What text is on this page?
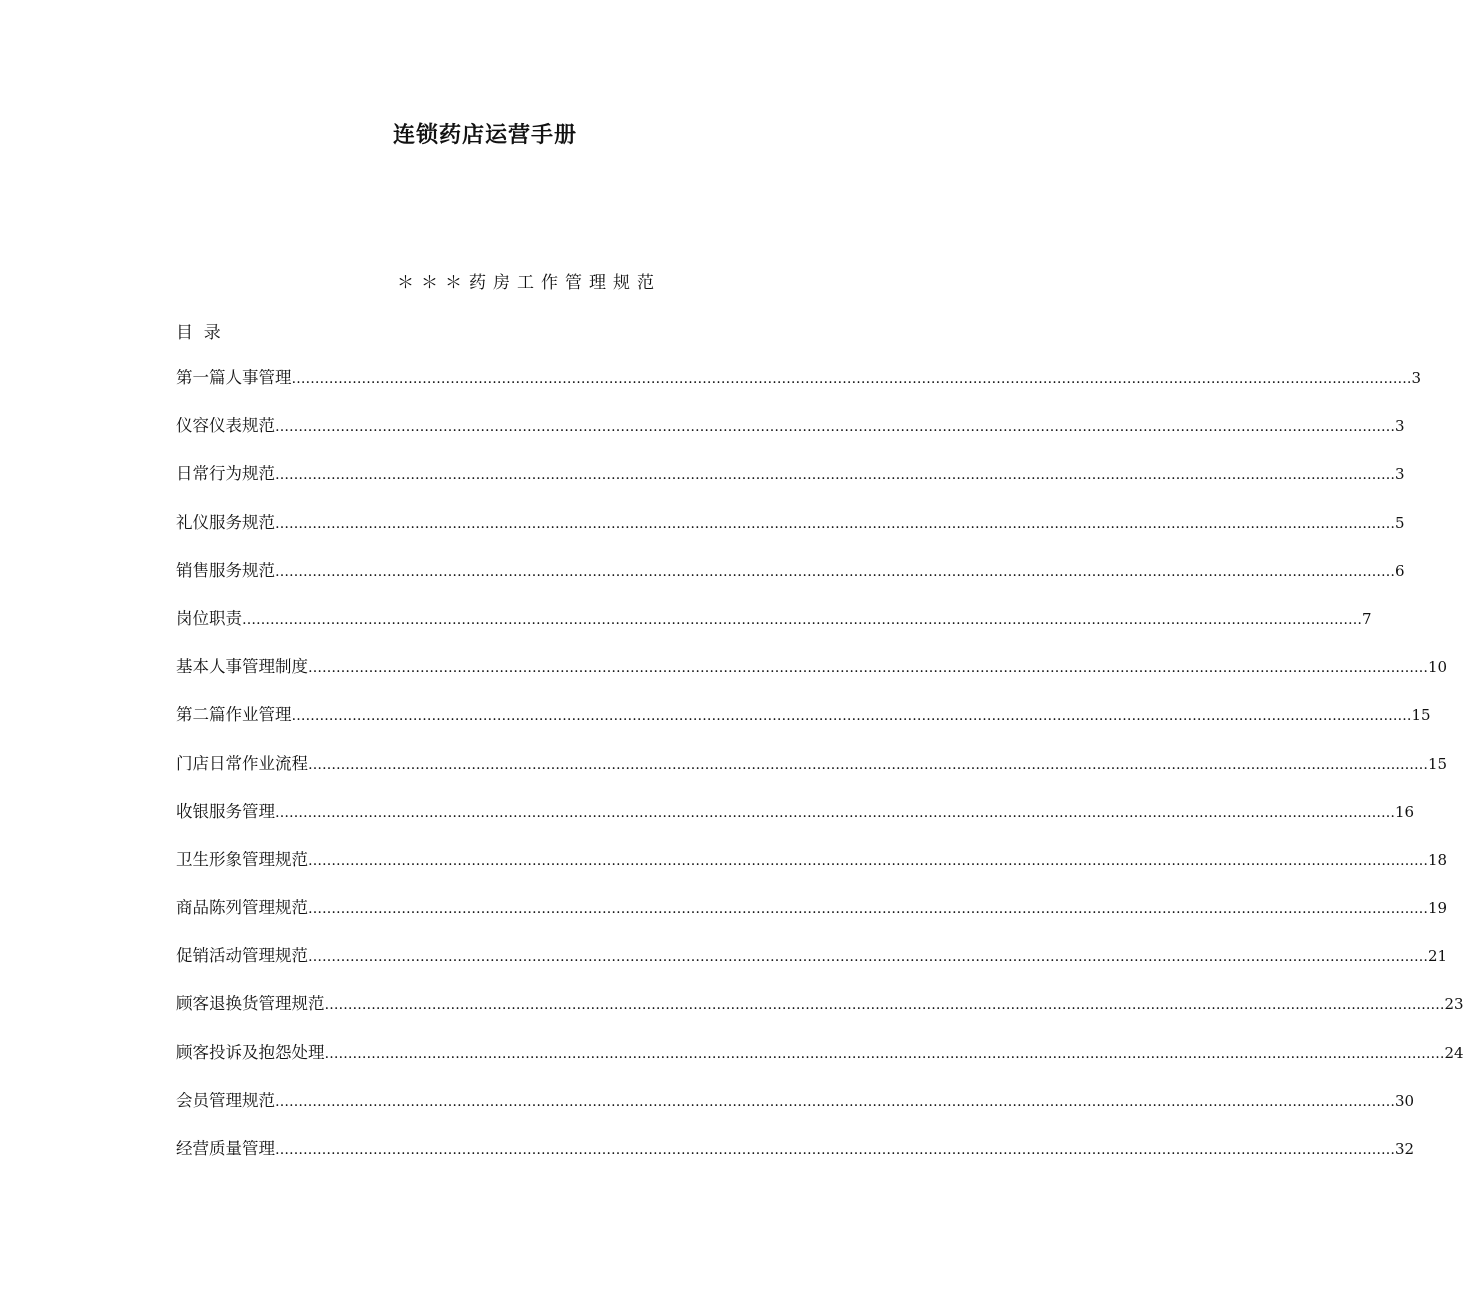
连锁药店运营手册
＊＊＊药房工作管理规范
目  录
第一篇人事管理 …………………………………………………………………………………………………………………………………………………………………………………………………………………… 3
仪容仪表规范 …………………………………………………………………………………………………………………………………………………………………………………………………………………… 3
日常行为规范 …………………………………………………………………………………………………………………………………………………………………………………………………………………… 3
礼仪服务规范 …………………………………………………………………………………………………………………………………………………………………………………………………………………… 5
销售服务规范 …………………………………………………………………………………………………………………………………………………………………………………………………………………… 6
岗位职责 …………………………………………………………………………………………………………………………………………………………………………………………………………………… 7
基本人事管理制度 …………………………………………………………………………………………………………………………………………………………………………………………………………………… 10
第二篇作业管理 …………………………………………………………………………………………………………………………………………………………………………………………………………………… 15
门店日常作业流程 …………………………………………………………………………………………………………………………………………………………………………………………………………………… 15
收银服务管理 …………………………………………………………………………………………………………………………………………………………………………………………………………………… 16
卫生形象管理规范 …………………………………………………………………………………………………………………………………………………………………………………………………………………… 18
商品陈列管理规范 …………………………………………………………………………………………………………………………………………………………………………………………………………………… 19
促销活动管理规范 …………………………………………………………………………………………………………………………………………………………………………………………………………………… 21
顾客退换货管理规范 …………………………………………………………………………………………………………………………………………………………………………………………………………………… 23
顾客投诉及抱怨处理 …………………………………………………………………………………………………………………………………………………………………………………………………………………… 24
会员管理规范 …………………………………………………………………………………………………………………………………………………………………………………………………………………… 30
经营质量管理 …………………………………………………………………………………………………………………………………………………………………………………………………………………… 32
